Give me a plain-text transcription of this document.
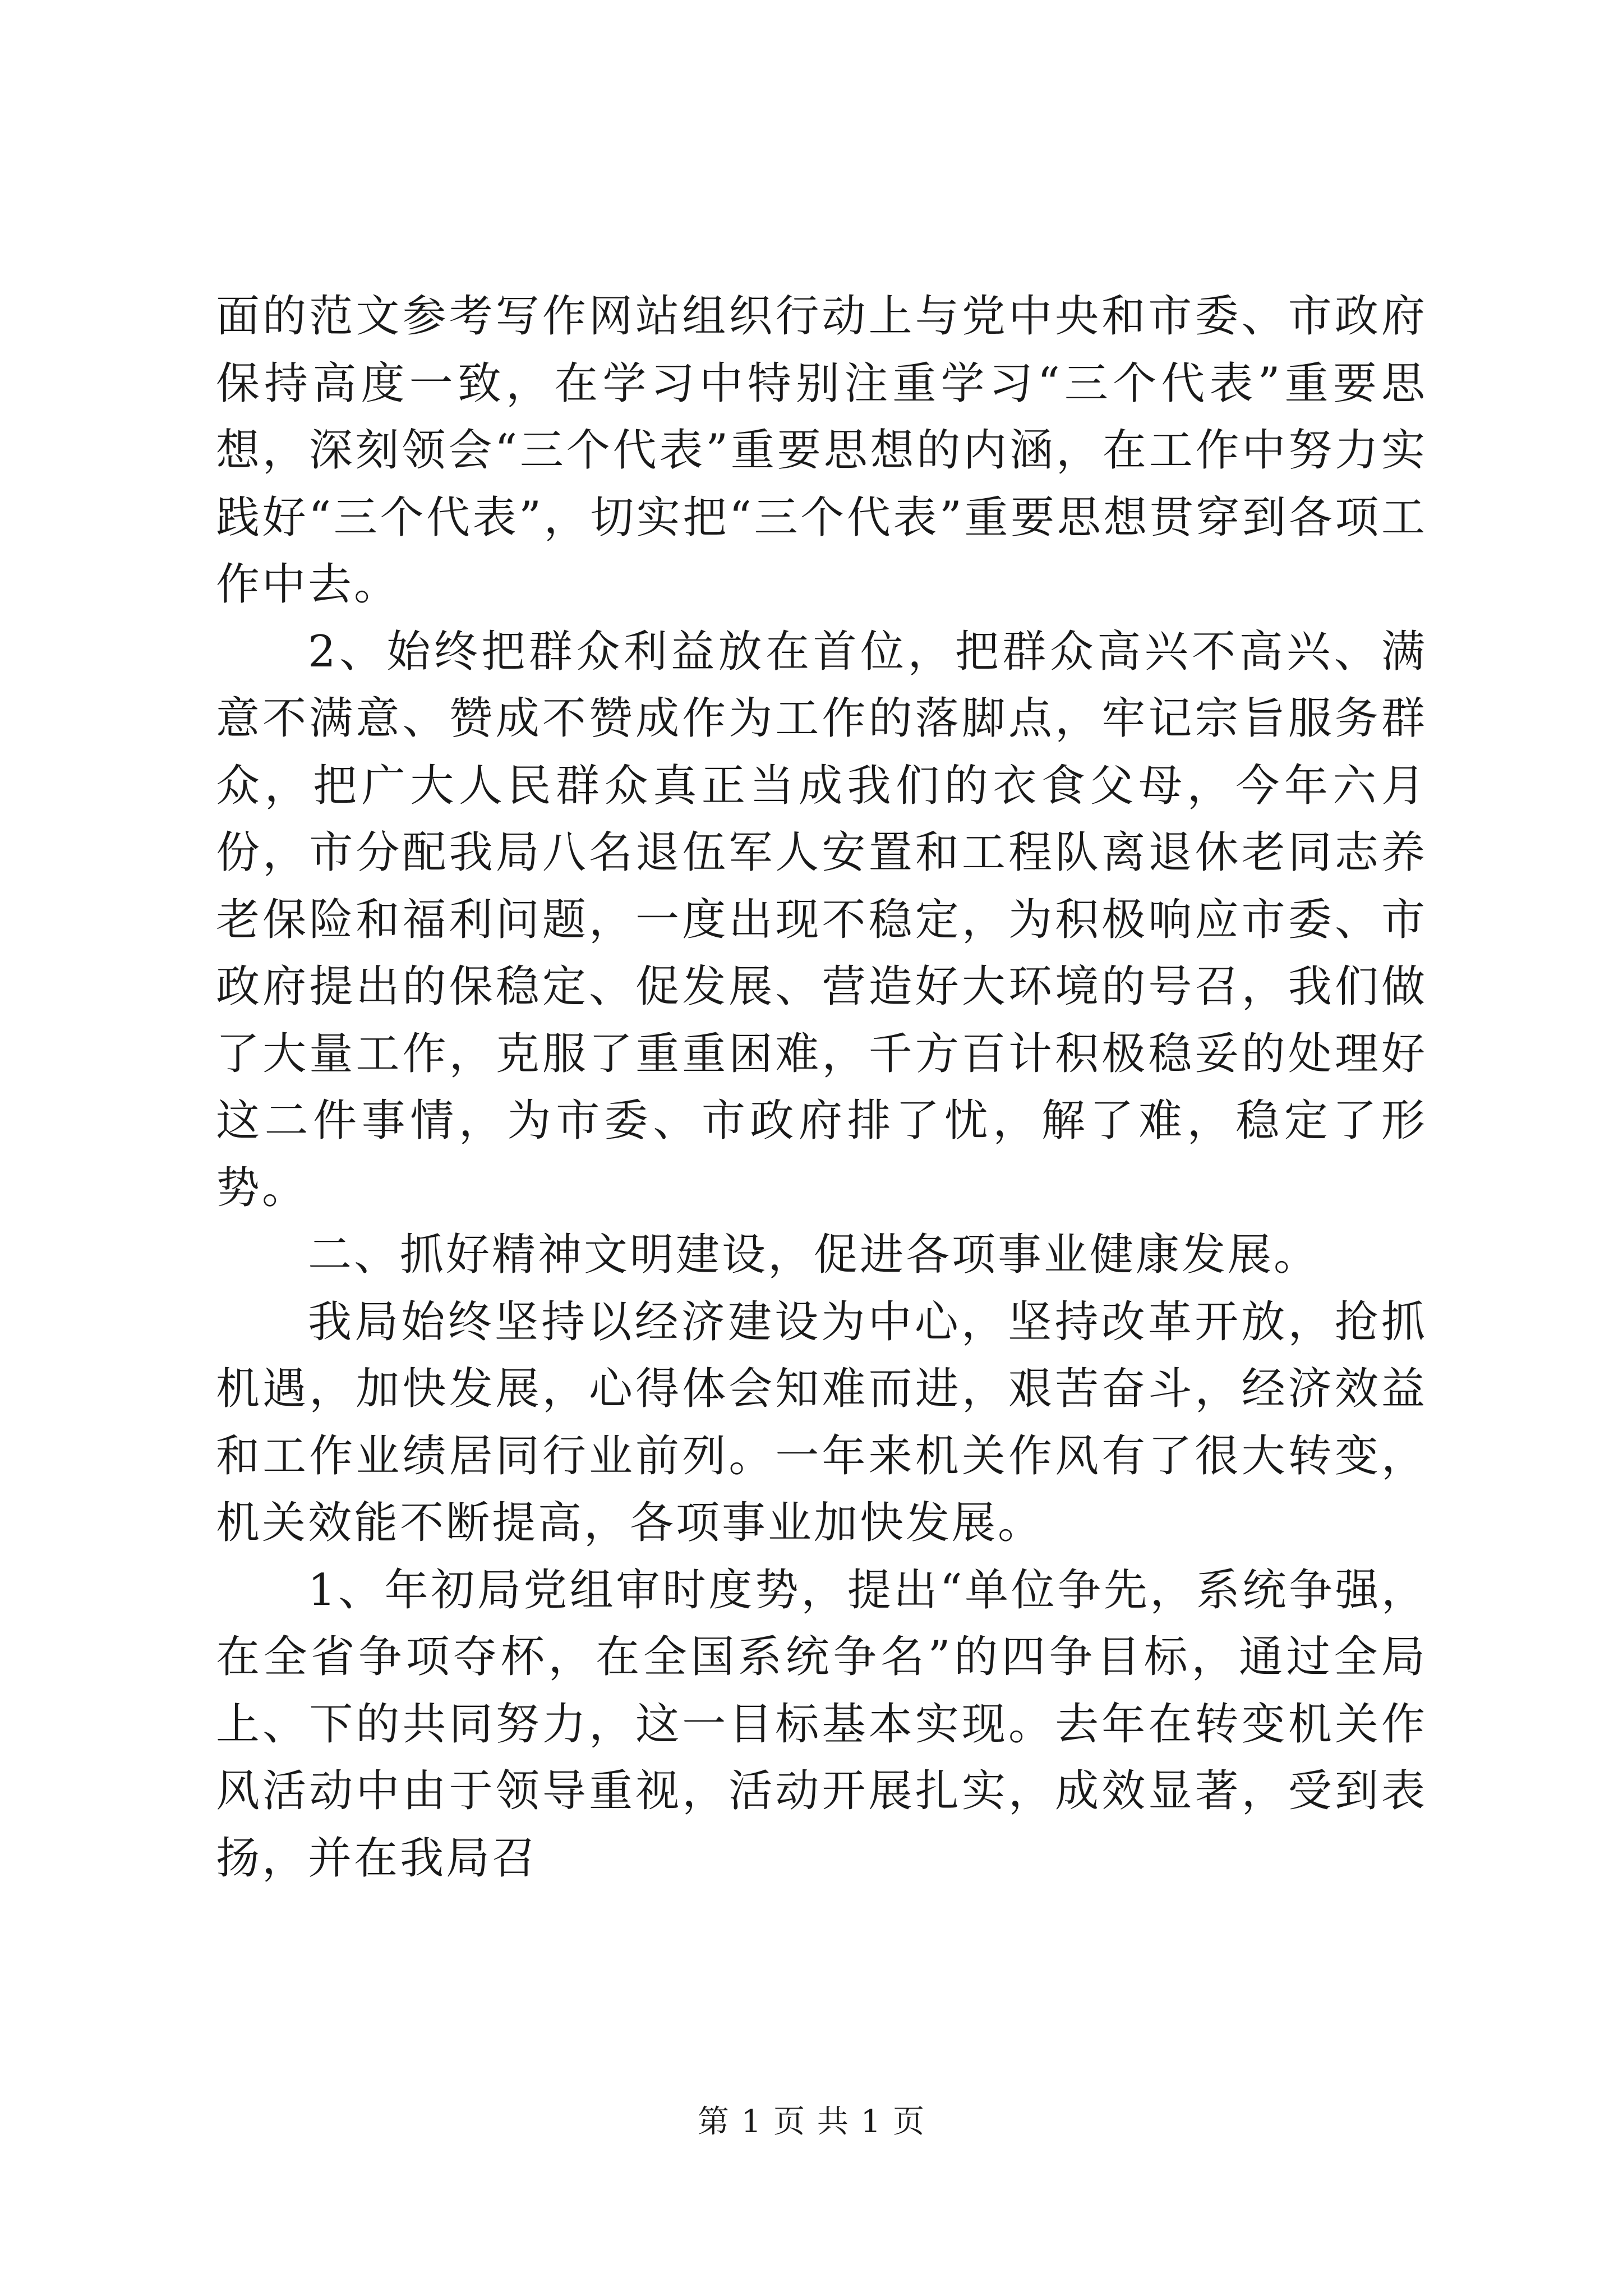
面的范文参考写作网站组织行动上与党中央和市委、市政府保持高度一致，在学习中特别注重学习“三个代表”重要思想，深刻领会“三个代表”重要思想的内涵，在工作中努力实践好“三个代表”，切实把“三个代表”重要思想贯穿到各项工作中去。

2、始终把群众利益放在首位，把群众高兴不高兴、满意不满意、赞成不赞成作为工作的落脚点，牢记宗旨服务群众，把广大人民群众真正当成我们的衣食父母，今年六月份，市分配我局八名退伍军人安置和工程队离退休老同志养老保险和福利问题，一度出现不稳定，为积极响应市委、市政府提出的保稳定、促发展、营造好大环境的号召，我们做了大量工作，克服了重重困难，千方百计积极稳妥的处理好这二件事情，为市委、市政府排了忧，解了难，稳定了形势。

二、抓好精神文明建设，促进各项事业健康发展。

我局始终坚持以经济建设为中心，坚持改革开放，抢抓机遇，加快发展，心得体会知难而进，艰苦奋斗，经济效益和工作业绩居同行业前列。一年来机关作风有了很大转变，机关效能不断提高，各项事业加快发展。

1、年初局党组审时度势，提出“单位争先，系统争强，在全省争项夺杯，在全国系统争名”的四争目标，通过全局上、下的共同努力，这一目标基本实现。去年在转变机关作风活动中由于领导重视，活动开展扎实，成效显著，受到表扬，并在我局召

第 1 页 共 1 页
